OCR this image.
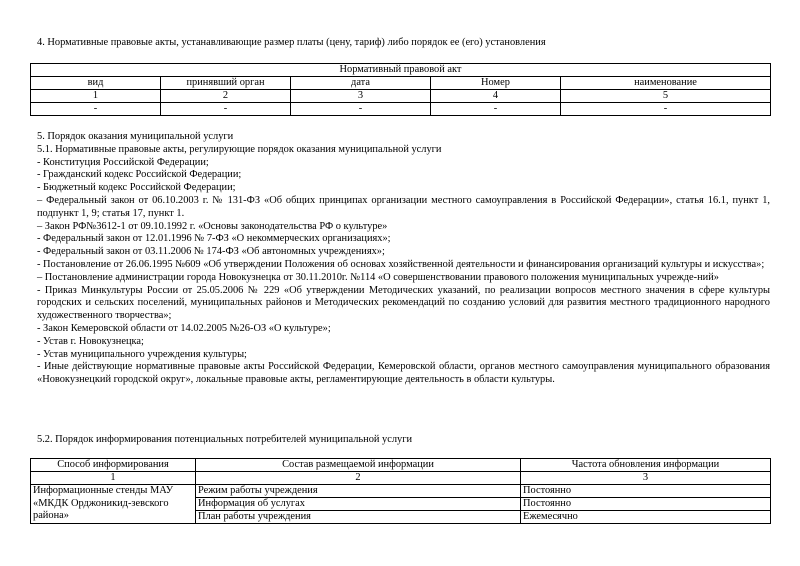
4. Нормативные правовые акты, устанавливающие размер платы (цену, тариф) либо порядок ее (его) установления
Нормативный правовой акт				
вид	принявший орган	дата	Номер	наименование
1	2	3	4	5
-	-	-	-	-

5. Порядок оказания муниципальной услуги

5.1. Нормативные правовые акты, регулирующие порядок оказания муниципальной услуги

- Конституция Российской Федерации;

- Гражданский кодекс Российской Федерации;

- Бюджетный кодекс Российской Федерации;

– Федеральный закон от 06.10.2003 г. № 131-ФЗ «Об общих принципах организации местного самоуправления в Российской Федерации», статья 16.1, пункт 1, подпункт 1, 9; статья 17, пункт 1.

– Закон РФ№3612-1 от 09.10.1992 г. «Основы законодательства РФ о культуре»

- Федеральный закон от 12.01.1996 № 7-ФЗ «О некоммерческих организациях»;

- Федеральный закон от 03.11.2006 № 174-ФЗ «Об автономных учреждениях»;

- Постановление от 26.06.1995 №609 «Об утверждении Положения об основах хозяйственной деятельности и финансирования организаций культуры и искусства»;

– Постановление администрации города Новокузнецка от 30.11.2010г. №114 «О совершенствовании правового положения муниципальных учрежде-ний»

- Приказ Минкультуры России от 25.05.2006 № 229 «Об утверждении Методических указаний, по реализации вопросов местного значения в сфере культуры городских и сельских поселений, муниципальных районов и Методических рекомендаций по созданию условий для развития местного традиционного народного художественного творчества»;

- Закон Кемеровской области от 14.02.2005 №26-ОЗ «О культуре»;

- Устав г. Новокузнецка;

- Устав муниципального учреждения культуры;

- Иные действующие нормативные правовые акты Российской Федерации, Кемеровской области, органов местного самоуправления муниципального образования «Новокузнецкий городской округ», локальные правовые акты, регламентирующие деятельность в области культуры.

5.2. Порядок информирования потенциальных потребителей муниципальной услуги
Способ информирования	Состав размещаемой информации	Частота обновления информации
1	2	3
Информационные стенды МАУ «МКДК Орджоникид-зевского района»	Режим работы учреждения	Постоянно
	Информация об услугах	Постоянно
	План работы учреждения	Ежемесячно
